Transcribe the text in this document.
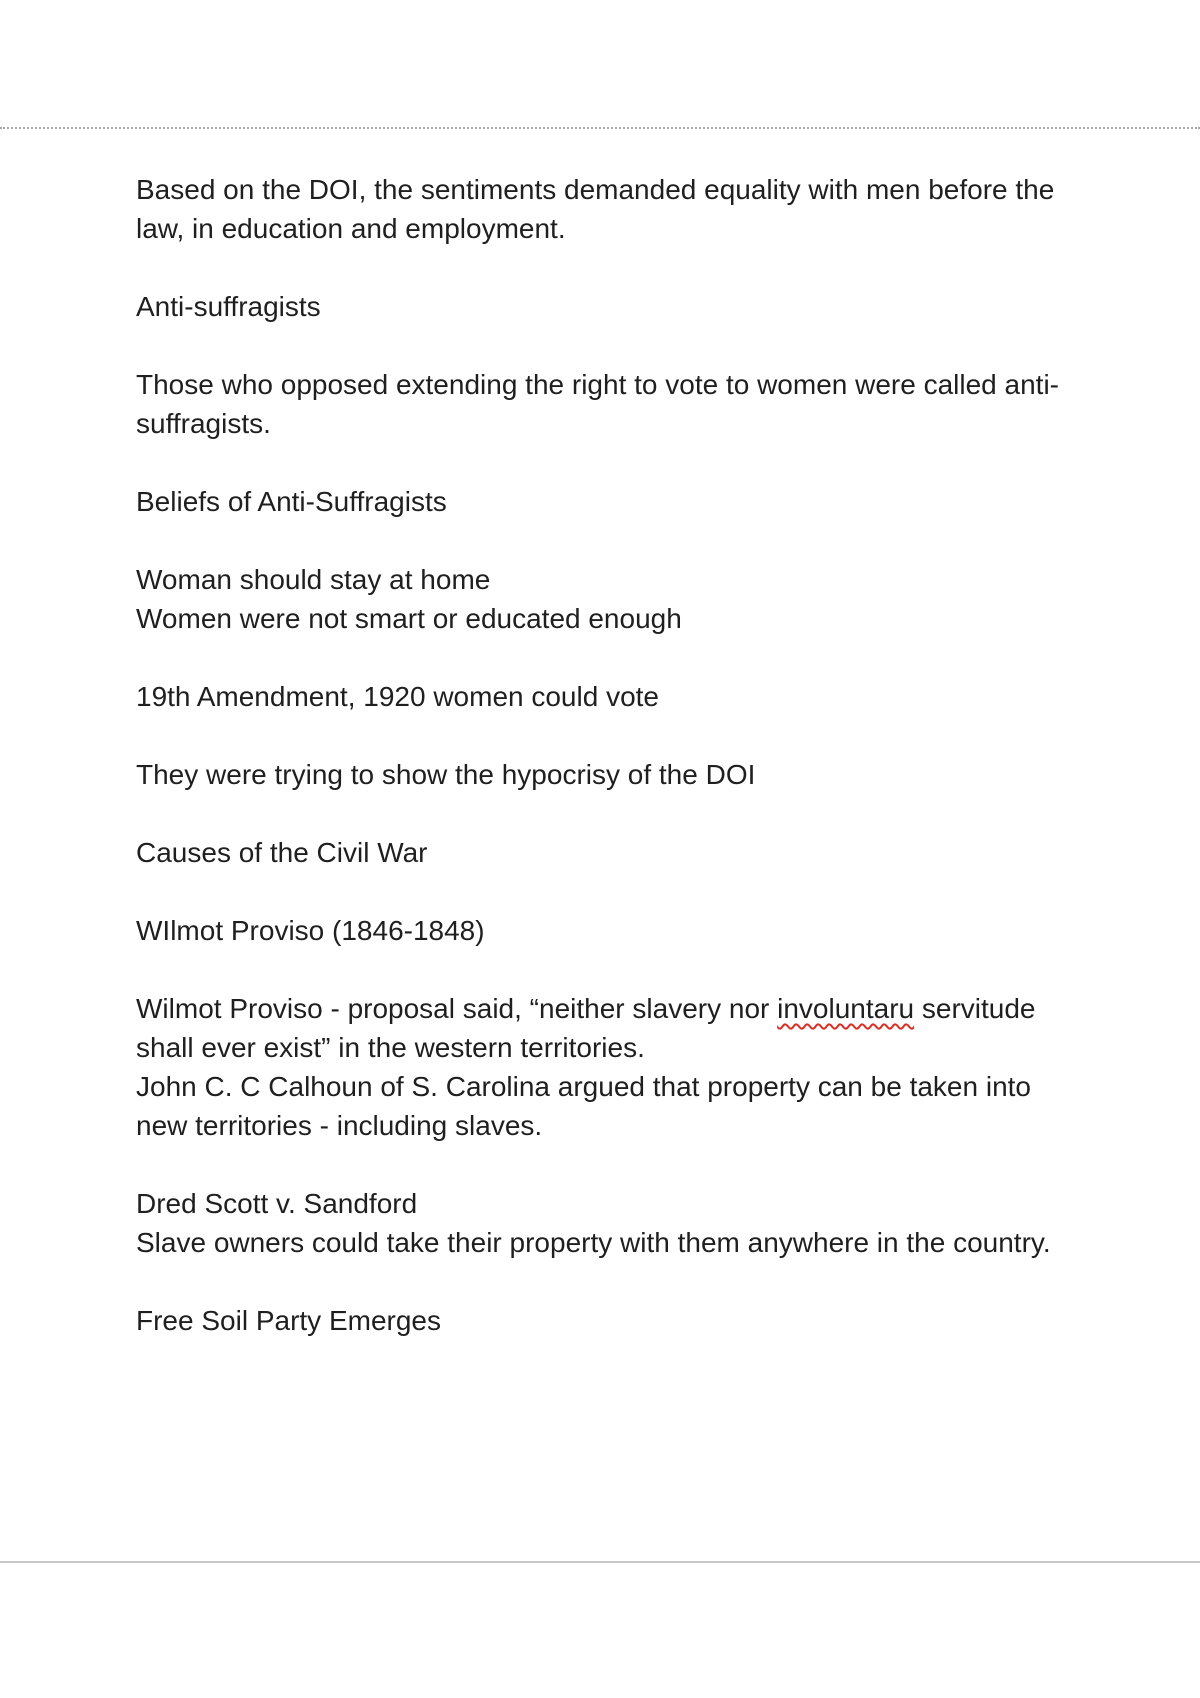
Based on the DOI, the sentiments demanded equality with men before the law, in education and employment.

Anti-suffragists

Those who opposed extending the right to vote to women were called anti-suffragists.

Beliefs of Anti-Suffragists

Woman should stay at home

Women were not smart or educated enough

19th Amendment, 1920 women could vote

They were trying to show the hypocrisy of the DOI

Causes of the Civil War

WIlmot Proviso (1846-1848)

Wilmot Proviso - proposal said, “neither slavery nor involuntaru servitude shall ever exist” in the western territories.

John C. C Calhoun of S. Carolina argued that property can be taken into new territories - including slaves.

Dred Scott v. Sandford

Slave owners could take their property with them anywhere in the country.

Free Soil Party Emerges
